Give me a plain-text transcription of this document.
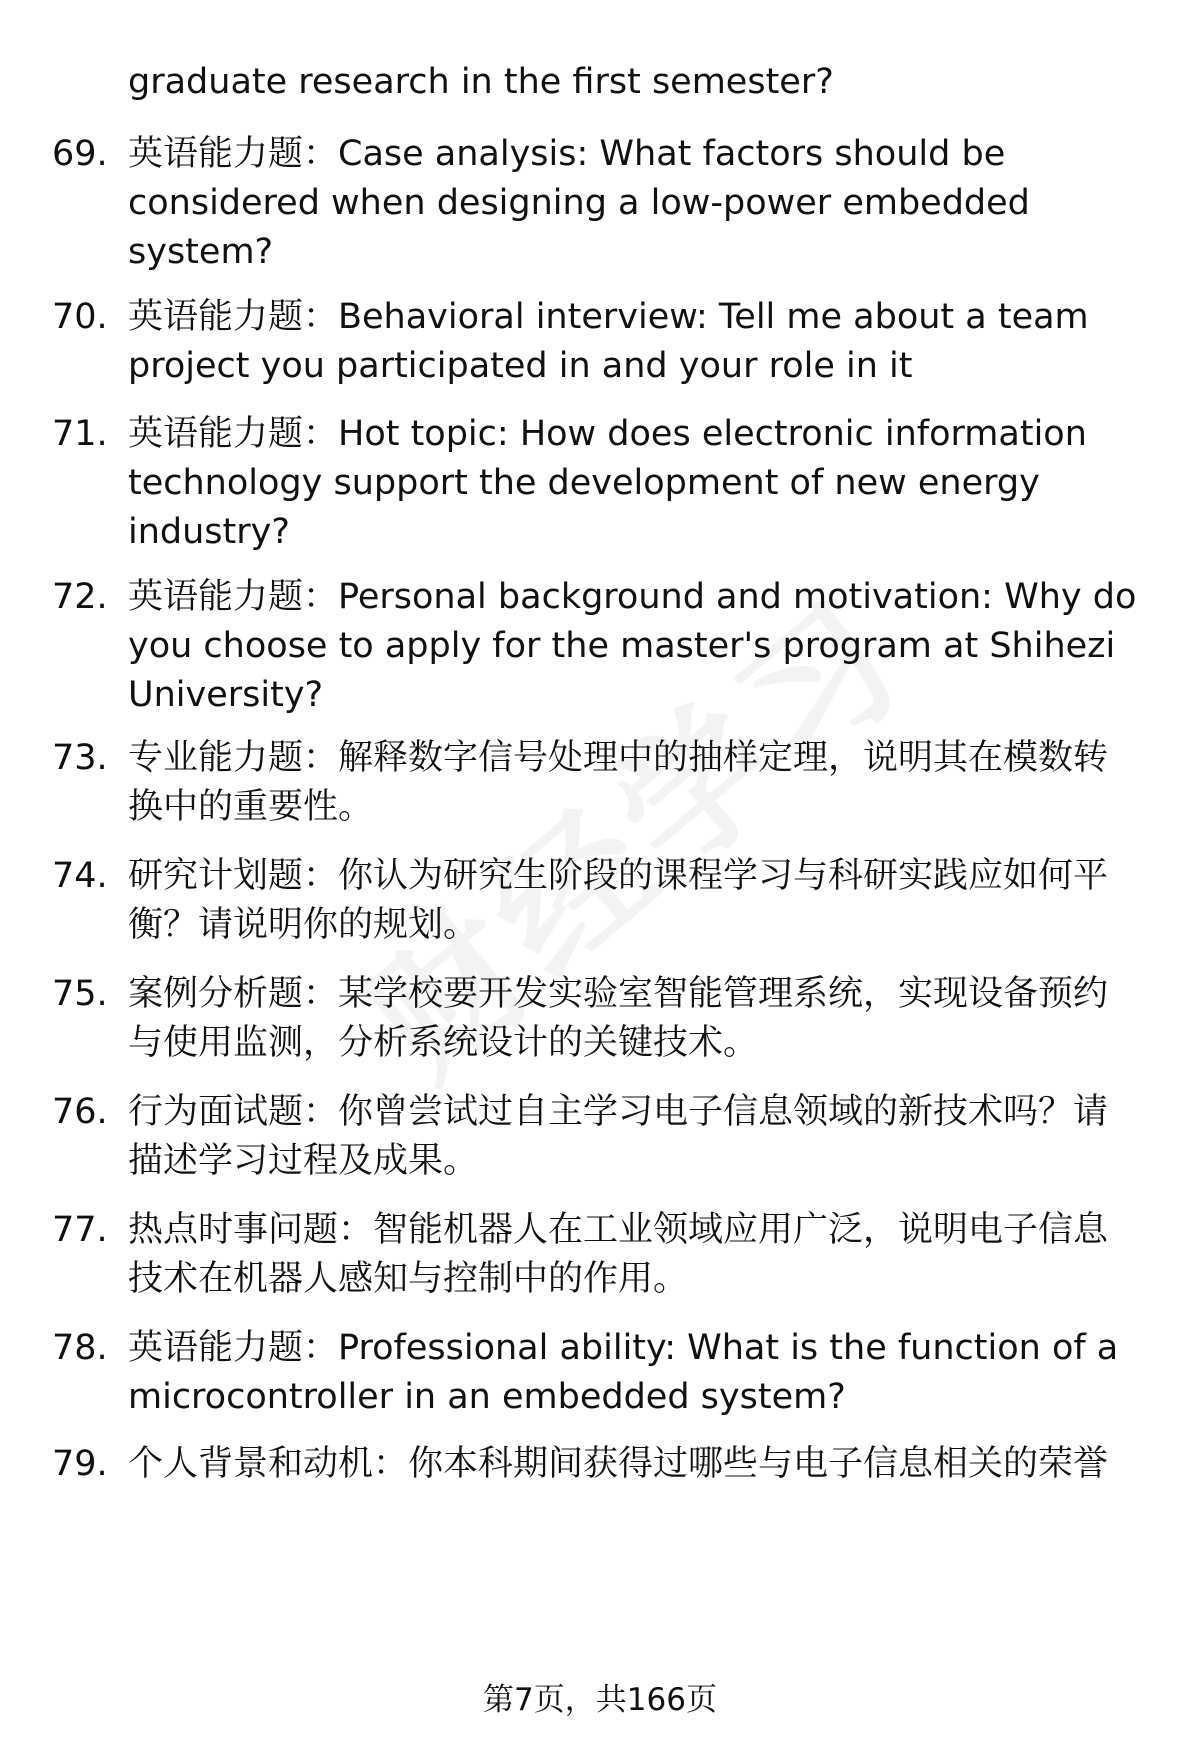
graduate research in the first semester?
69. 英语能力题：Case analysis: What factors should be considered when designing a low-power embedded system?
70. 英语能力题：Behavioral interview: Tell me about a team project you participated in and your role in it
71. 英语能力题：Hot topic: How does electronic information technology support the development of new energy industry?
72. 英语能力题：Personal background and motivation: Why do you choose to apply for the master's program at Shihezi University?
73. 专业能力题：解释数字信号处理中的抽样定理，说明其在模数转换中的重要性。
74. 研究计划题：你认为研究生阶段的课程学习与科研实践应如何平衡？请说明你的规划。
75. 案例分析题：某学校要开发实验室智能管理系统，实现设备预约与使用监测，分析系统设计的关键技术。
76. 行为面试题：你曾尝试过自主学习电子信息领域的新技术吗？请描述学习过程及成果。
77. 热点时事问题：智能机器人在工业领域应用广泛，说明电子信息技术在机器人感知与控制中的作用。
78. 英语能力题：Professional ability: What is the function of a microcontroller in an embedded system?
79. 个人背景和动机：你本科期间获得过哪些与电子信息相关的荣誉
第7页，共166页
